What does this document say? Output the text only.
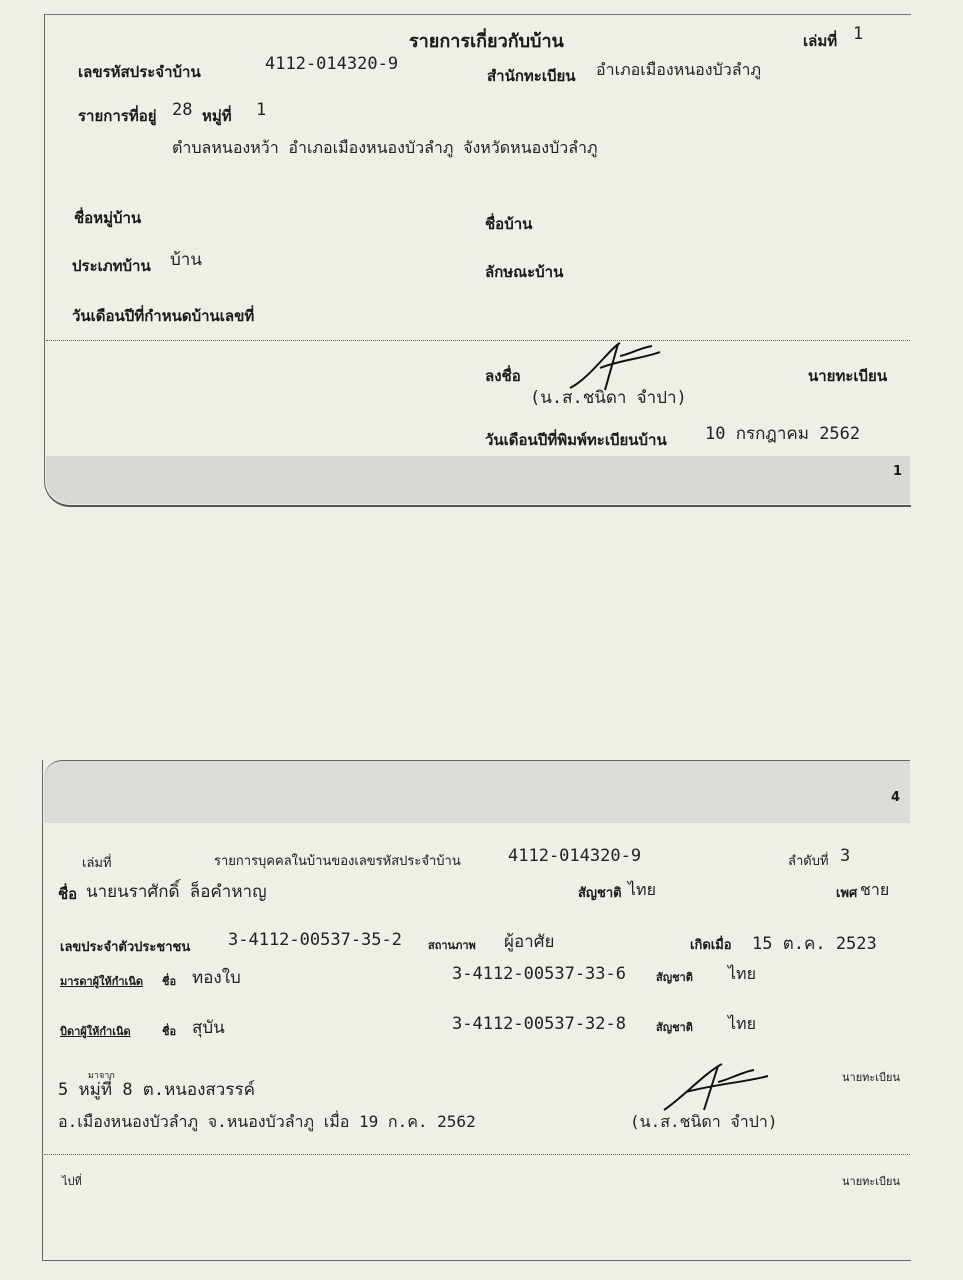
รายการเกี่ยวกับบ้าน	เล่มที่ 1
เลขรหัสประจำบ้าน	4112-014320-9
สำนักทะเบียน อำเภอเมืองหนองบัวลำภู
รายการที่อยู่ 28 หมู่ที่ 1
ตำบลหนองหว้า อำเภอเมืองหนองบัวลำภู จังหวัดหนองบัวลำภู
ชื่อหมู่บ้าน	ชื่อบ้าน
ประเภทบ้าน บ้าน
ลักษณะบ้าน
วันเดือนปีที่กำหนดบ้านเลขที่
ลงชื่อ	นายทะเบียน
(น.ส.ชนิดา จำปา)
วันเดือนปีที่พิมพ์ทะเบียนบ้าน 10 กรกฎาคม 2562
1
4
เล่มที่	รายการบุคคลในบ้านของเลขรหัสประจำบ้าน	4112-014320-9	ลำดับที่ 3
ชื่อ นายนราศักดิ์ ล็อคำหาญ	สัญชาติ ไทย	เพศ ชาย
เลขประจำตัวประชาชน 3-4112-00537-35-2 สถานภาพ ผู้อาศัย	เกิดเมื่อ 15 ต.ค. 2523
มารดาผู้ให้กำเนิด ชื่อ ทองใบ	3-4112-00537-33-6	สัญชาติ ไทย
บิดาผู้ให้กำเนิด	ชื่อ สุบัน	3-4112-00537-32-8	สัญชาติ ไทย
มาจาก
5 หมู่ที่ 8 ต.หนองสวรรค์
อ.เมืองหนองบัวลำภู จ.หนองบัวลำภู เมื่อ 19 ก.ค. 2562
นายทะเบียน
(น.ส.ชนิดา จำปา)
ไปที่	นายทะเบียน
